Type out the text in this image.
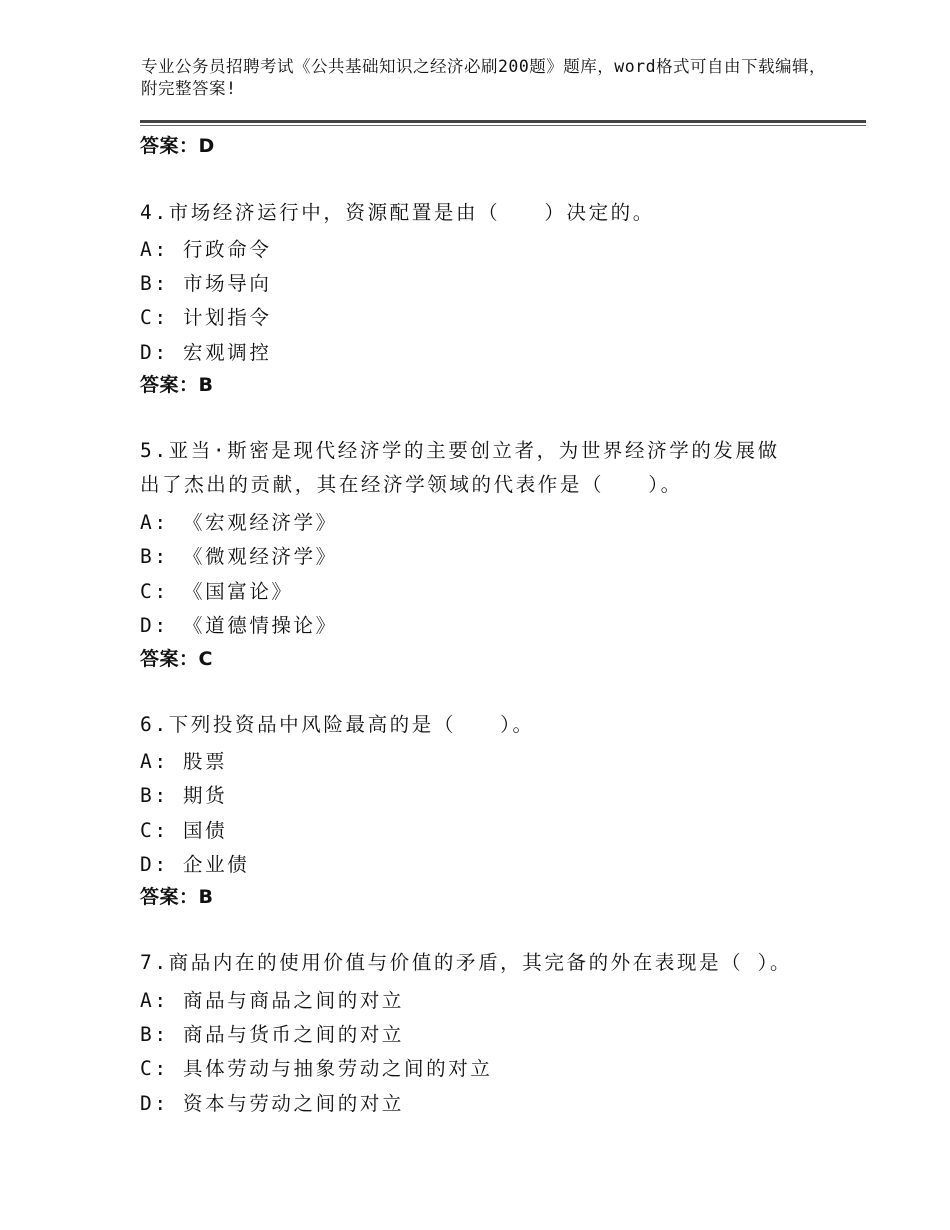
专业公务员招聘考试《公共基础知识之经济必刷200题》题库，word格式可自由下载编辑，附完整答案!
答案：D
4.市场经济运行中，资源配置是由（　　）决定的。
A: 行政命令
B: 市场导向
C: 计划指令
D: 宏观调控
答案：B
5.亚当·斯密是现代经济学的主要创立者，为世界经济学的发展做出了杰出的贡献，其在经济学领域的代表作是（　　）。
A: 《宏观经济学》
B: 《微观经济学》
C: 《国富论》
D: 《道德情操论》
答案：C
6.下列投资品中风险最高的是（　　）。
A: 股票
B: 期货
C: 国债
D: 企业债
答案：B
7.商品内在的使用价值与价值的矛盾，其完备的外在表现是（ ）。
A: 商品与商品之间的对立
B: 商品与货币之间的对立
C: 具体劳动与抽象劳动之间的对立
D: 资本与劳动之间的对立
